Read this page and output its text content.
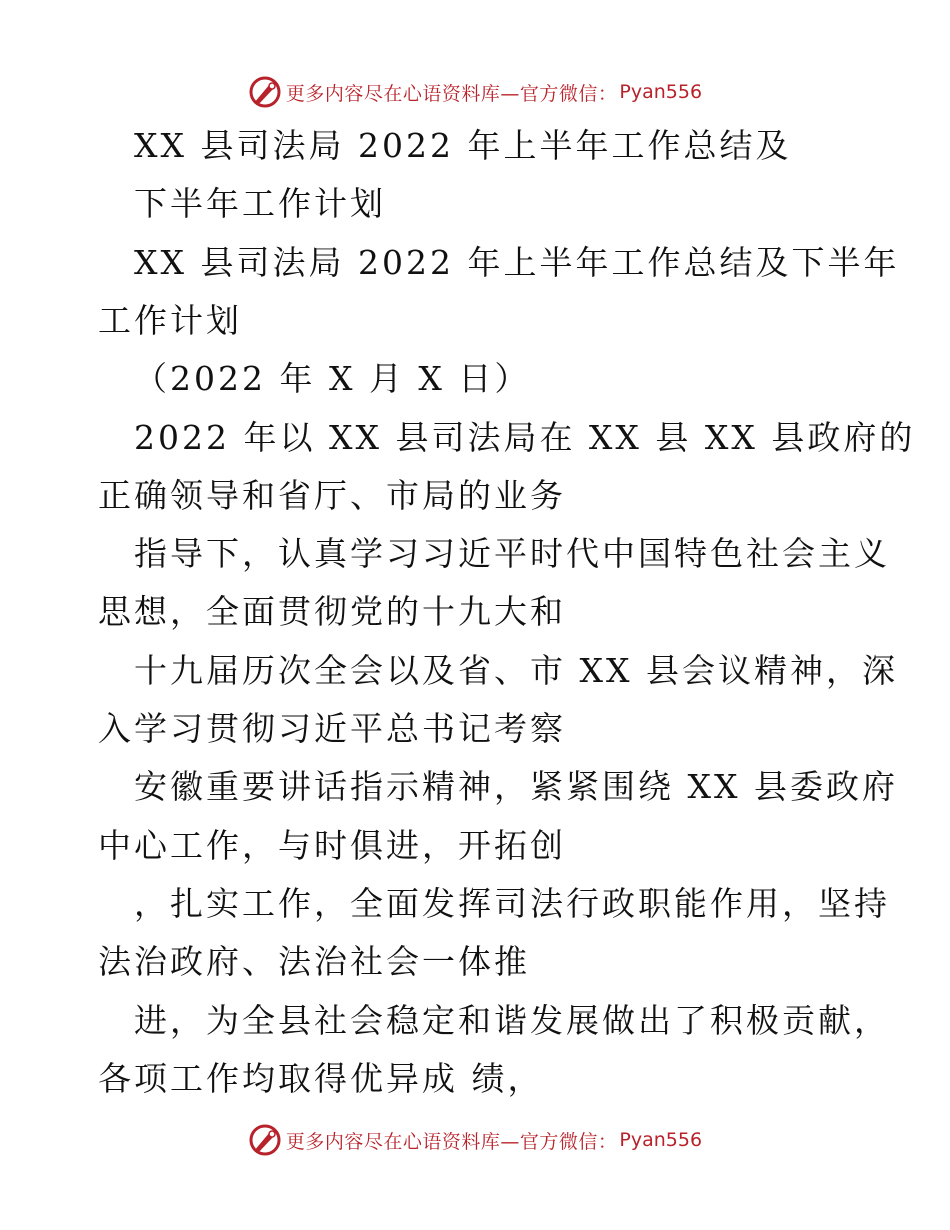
更多内容尽在心语资料库—官方微信： Pyan556
XX 县司法局 2022 年上半年工作总结及
下半年工作计划
XX 县司法局 2022 年上半年工作总结及下半年
工作计划
（2022 年 X 月 X 日）
2022 年以 XX 县司法局在 XX 县 XX 县政府的
正确领导和省厅、市局的业务
指导下，认真学习习近平时代中国特色社会主义
思想，全面贯彻党的十九大和
十九届历次全会以及省、市 XX 县会议精神，深
入学习贯彻习近平总书记考察
安徽重要讲话指示精神，紧紧围绕 XX 县委政府
中心工作，与时俱进，开拓创
，扎实工作，全面发挥司法行政职能作用，坚持
法治政府、法治社会一体推
进，为全县社会稳定和谐发展做出了积极贡献，
各项工作均取得优异成 绩，
更多内容尽在心语资料库—官方微信： Pyan556
